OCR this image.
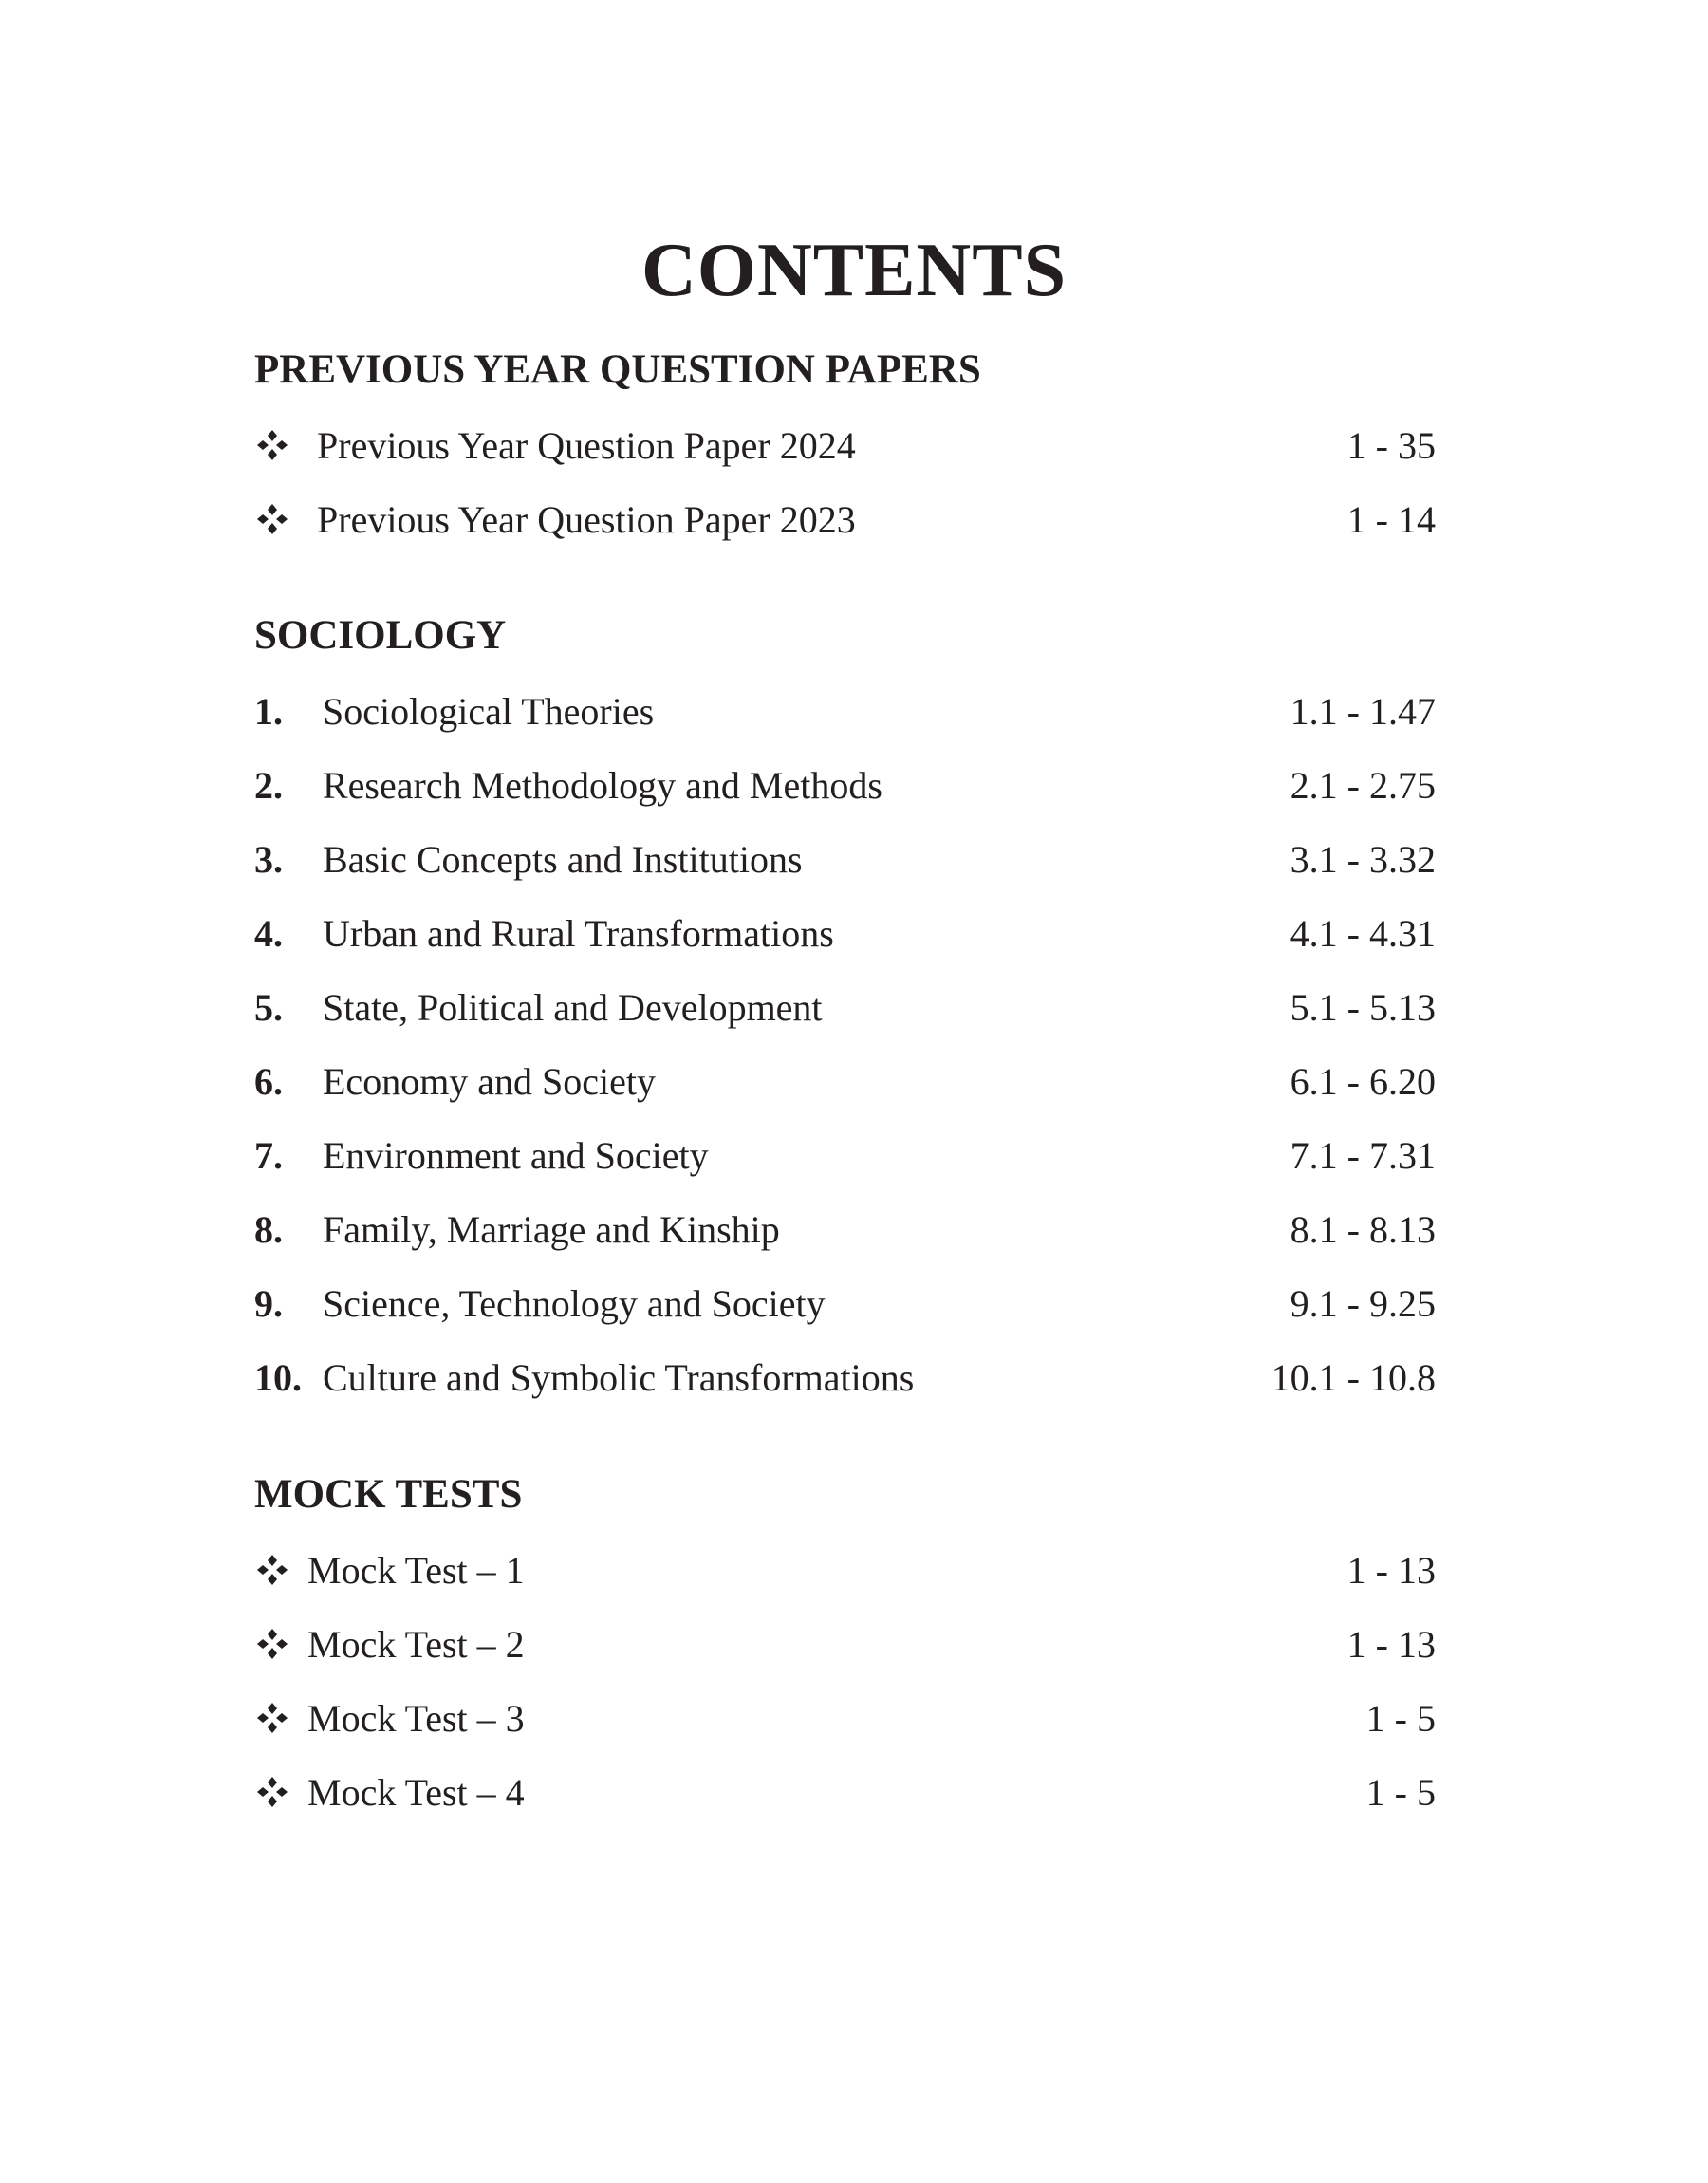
CONTENTS
PREVIOUS YEAR QUESTION PAPERS
Previous Year Question Paper 2024	1 - 35
Previous Year Question Paper 2023	1 - 14
SOCIOLOGY
1. Sociological Theories	1.1 - 1.47
2. Research Methodology and Methods	2.1 - 2.75
3. Basic Concepts and Institutions	3.1 - 3.32
4. Urban and Rural Transformations	4.1 - 4.31
5. State, Political and Development	5.1 - 5.13
6. Economy and Society	6.1 - 6.20
7. Environment and Society	7.1 - 7.31
8. Family, Marriage and Kinship	8.1 - 8.13
9. Science, Technology and Society	9.1 - 9.25
10. Culture and Symbolic Transformations	10.1 - 10.8
MOCK TESTS
Mock Test – 1	1 - 13
Mock Test – 2	1 - 13
Mock Test – 3	1 - 5
Mock Test – 4	1 - 5
